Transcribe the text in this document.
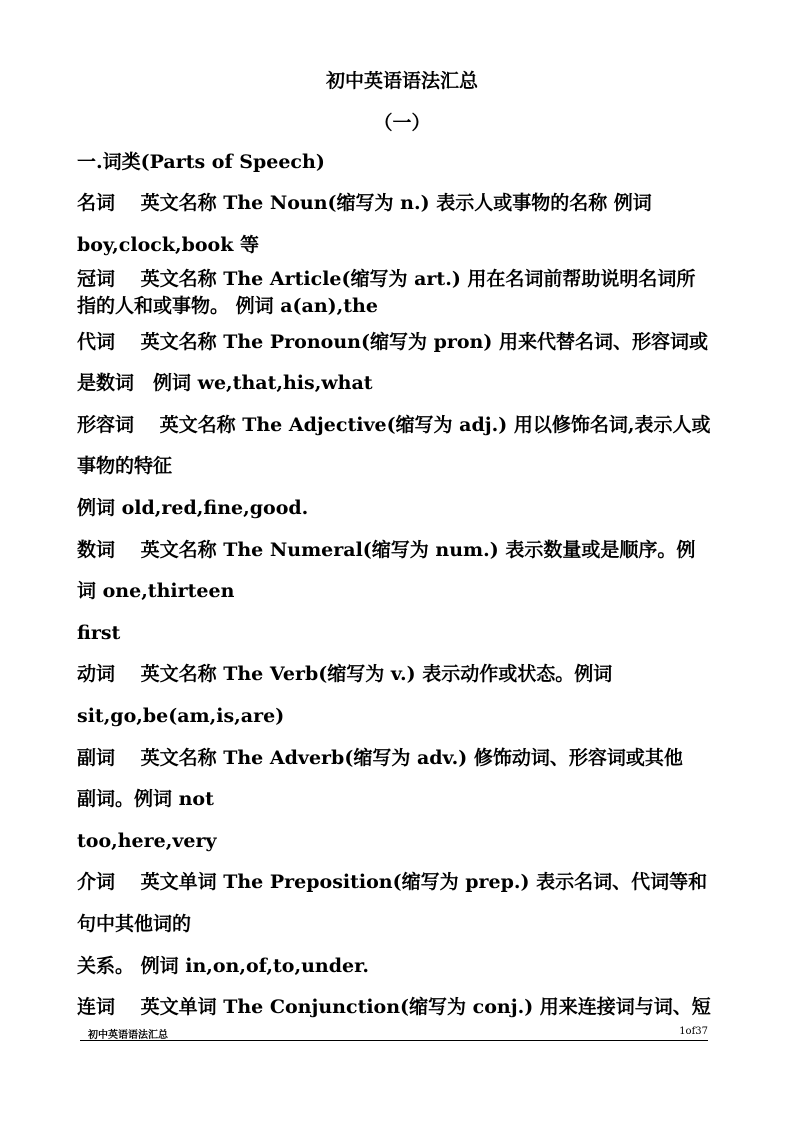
初中英语语法汇总
（一）
一.词类(Parts of Speech)
名词　 英文名称 The Noun(缩写为 n.) 表示人或事物的名称 例词
boy,clock,book 等
冠词　 英文名称 The Article(缩写为 art.) 用在名词前帮助说明名词所
指的人和或事物。 例词 a(an),the
代词　 英文名称 The Pronoun(缩写为 pron) 用来代替名词、形容词或
是数词　例词 we,that,his,what
形容词　 英文名称 The Adjective(缩写为 adj.) 用以修饰名词,表示人或
事物的特征
例词 old,red,fine,good.
数词　 英文名称 The Numeral(缩写为 num.) 表示数量或是顺序。例
词 one,thirteen
first
动词　 英文名称 The Verb(缩写为 v.) 表示动作或状态。例词
sit,go,be(am,is,are)
副词　 英文名称 The Adverb(缩写为 adv.) 修饰动词、形容词或其他
副词。例词 not
too,here,very
介词　 英文单词 The Preposition(缩写为 prep.) 表示名词、代词等和
句中其他词的
关系。 例词 in,on,of,to,under.
连词　 英文单词 The Conjunction(缩写为 conj.) 用来连接词与词、短
初中英语语法汇总	1of37
